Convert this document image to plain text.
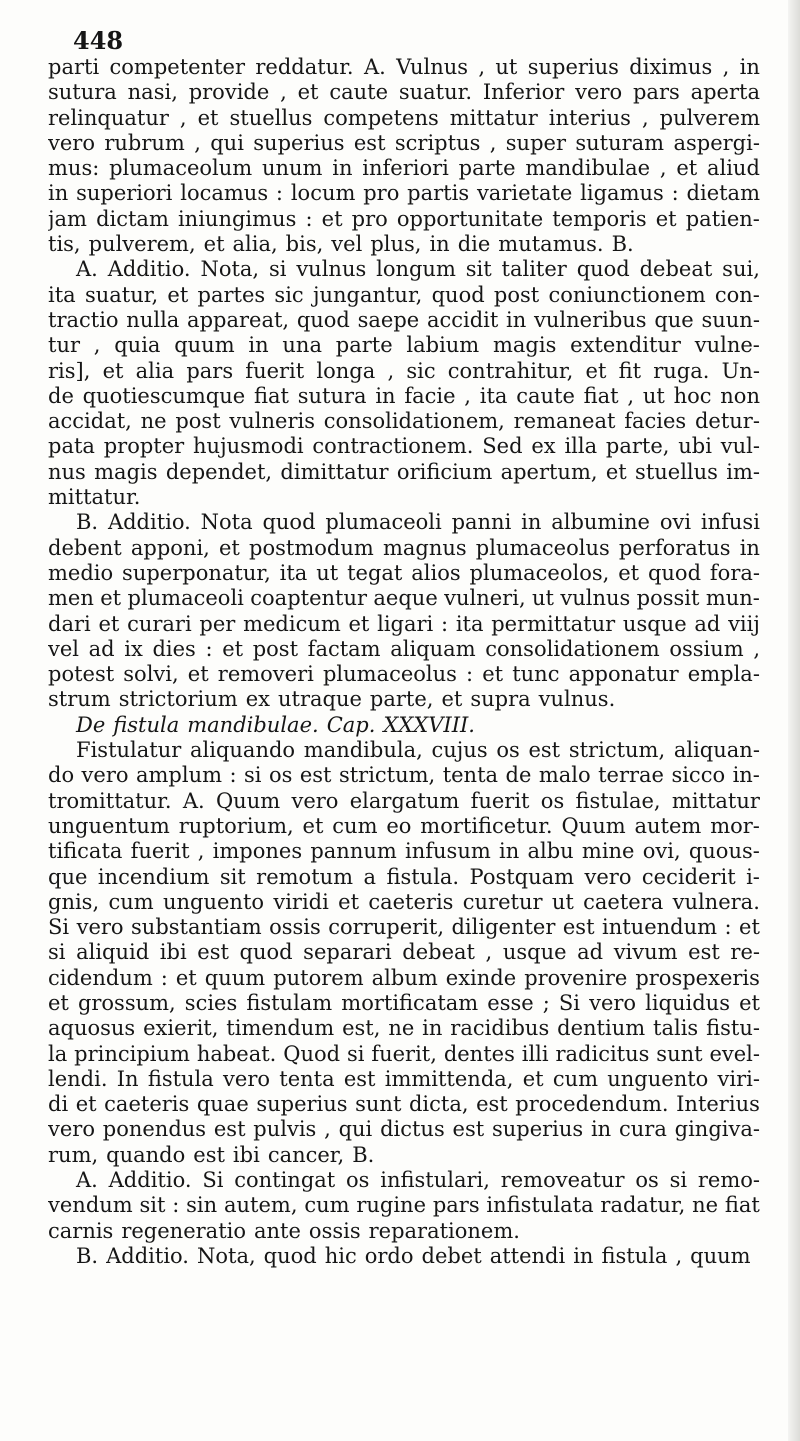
448
parti competenter reddatur. A. Vulnus , ut superius diximus , in
sutura nasi, provide , et caute suatur. Inferior vero pars aperta
relinquatur , et stuellus competens mittatur interius , pulverem
vero rubrum , qui superius est scriptus , super suturam aspergi-
mus: plumaceolum unum in inferiori parte mandibulae , et aliud
in superiori locamus : locum pro partis varietate ligamus : dietam
jam dictam iniungimus : et pro opportunitate temporis et patien-
tis, pulverem, et alia, bis, vel plus, in die mutamus. B.
A. Additio. Nota, si vulnus longum sit taliter quod debeat sui,
ita suatur, et partes sic jungantur, quod post coniunctionem con-
tractio nulla appareat, quod saepe accidit in vulneribus que suun-
tur , quia quum in una parte labium magis extenditur vulne-
ris], et alia pars fuerit longa , sic contrahitur, et fit ruga. Un-
de quotiescumque fiat sutura in facie , ita caute fiat , ut hoc non
accidat, ne post vulneris consolidationem, remaneat facies detur-
pata propter hujusmodi contractionem. Sed ex illa parte, ubi vul-
nus magis dependet, dimittatur orificium apertum, et stuellus im-
mittatur.
B. Additio. Nota quod plumaceoli panni in albumine ovi infusi
debent apponi, et postmodum magnus plumaceolus perforatus in
medio superponatur, ita ut tegat alios plumaceolos, et quod fora-
men et plumaceoli coaptentur aeque vulneri, ut vulnus possit mun-
dari et curari per medicum et ligari : ita permittatur usque ad viij
vel ad ix dies : et post factam aliquam consolidationem ossium ,
potest solvi, et removeri plumaceolus : et tunc apponatur empla-
strum strictorium ex utraque parte, et supra vulnus.
De fistula mandibulae. Cap. XXXVIII.
Fistulatur aliquando mandibula, cujus os est strictum, aliquan-
do vero amplum : si os est strictum, tenta de malo terrae sicco in-
tromittatur. A. Quum vero elargatum fuerit os fistulae, mittatur
unguentum ruptorium, et cum eo mortificetur. Quum autem mor-
tificata fuerit , impones pannum infusum in albu mine ovi, quous-
que incendium sit remotum a fistula. Postquam vero ceciderit i-
gnis, cum unguento viridi et caeteris curetur ut caetera vulnera.
Si vero substantiam ossis corruperit, diligenter est intuendum : et
si aliquid ibi est quod separari debeat , usque ad vivum est re-
cidendum : et quum putorem album exinde provenire prospexeris
et grossum, scies fistulam mortificatam esse ; Si vero liquidus et
aquosus exierit, timendum est, ne in racidibus dentium talis fistu-
la principium habeat. Quod si fuerit, dentes illi radicitus sunt evel-
lendi. In fistula vero tenta est immittenda, et cum unguento viri-
di et caeteris quae superius sunt dicta, est procedendum. Interius
vero ponendus est pulvis , qui dictus est superius in cura gingiva-
rum, quando est ibi cancer, B.
A. Additio. Si contingat os infistulari, removeatur os si remo-
vendum sit : sin autem, cum rugine pars infistulata radatur, ne fiat
carnis regeneratio ante ossis reparationem.
B. Additio. Nota, quod hic ordo debet attendi in fistula , quum
